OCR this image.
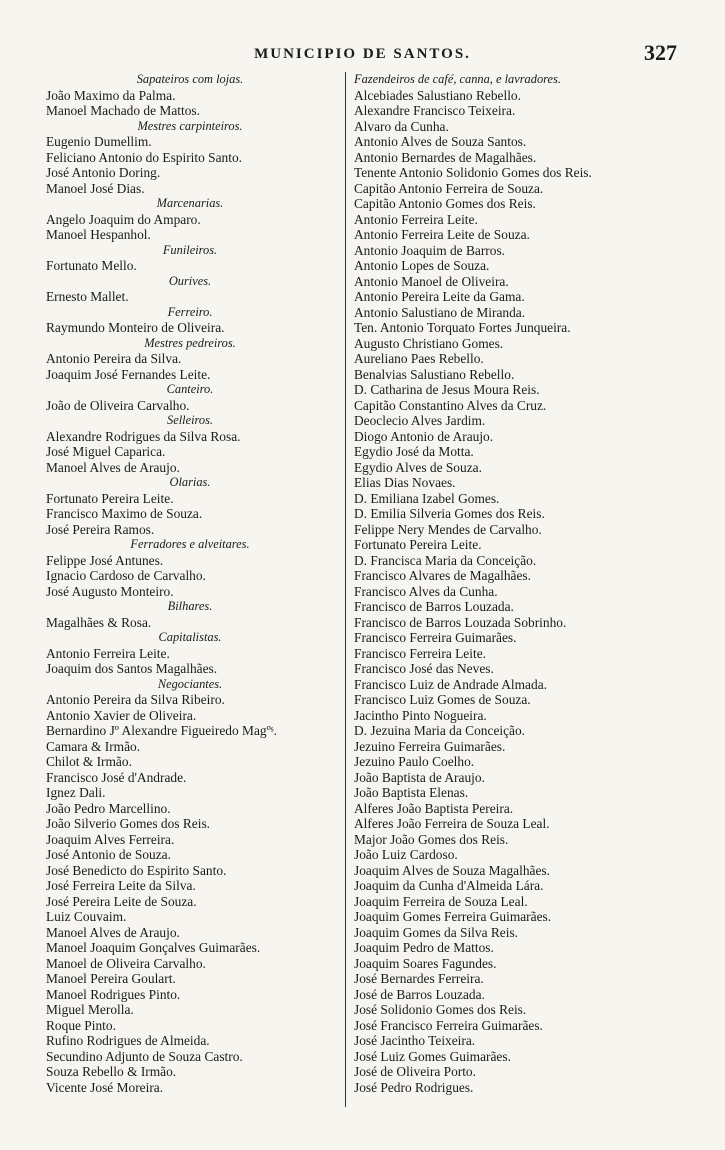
MUNICIPIO DE SANTOS.	327
Sapateiros com lojas.
João Maximo da Palma.
Manoel Machado de Mattos.
Mestres carpinteiros.
Eugenio Dumellim.
Feliciano Antonio do Espirito Santo.
José Antonio Doring.
Manoel José Dias.
Marcenarias.
Angelo Joaquim do Amparo.
Manoel Hespanhol.
Funileiros.
Fortunato Mello.
Ourives.
Ernesto Mallet.
Ferreiro.
Raymundo Monteiro de Oliveira.
Mestres pedreiros.
Antonio Pereira da Silva.
Joaquim José Fernandes Leite.
Canteiro.
João de Oliveira Carvalho.
Selleiros.
Alexandre Rodrigues da Silva Rosa.
José Miguel Caparica.
Manoel Alves de Araujo.
Olarias.
Fortunato Pereira Leite.
Francisco Maximo de Souza.
José Pereira Ramos.
Ferradores e alveitares.
Felippe José Antunes.
Ignacio Cardoso de Carvalho.
José Augusto Monteiro.
Bilhares.
Magalhães & Rosa.
Capitalistas.
Antonio Ferreira Leite.
Joaquim dos Santos Magalhães.
Negociantes.
Antonio Pereira da Silva Ribeiro.
Antonio Xavier de Oliveira.
Bernardino Jº Alexandre Figueiredo Magºˢ.
Camara & Irmão.
Chilot & Irmão.
Francisco José d'Andrade.
Ignez Dali.
João Pedro Marcellino.
João Silverio Gomes dos Reis.
Joaquim Alves Ferreira.
José Antonio de Souza.
José Benedicto do Espirito Santo.
José Ferreira Leite da Silva.
José Pereira Leite de Souza.
Luiz Couvaim.
Manoel Alves de Araujo.
Manoel Joaquim Gonçalves Guimarães.
Manoel de Oliveira Carvalho.
Manoel Pereira Goulart.
Manoel Rodrigues Pinto.
Miguel Merolla.
Roque Pinto.
Rufino Rodrigues de Almeida.
Secundino Adjunto de Souza Castro.
Souza Rebello & Irmão.
Vicente José Moreira.
Fazendeiros de café, canna, e lavradores.
Alcebiades Salustiano Rebello.
Alexandre Francisco Teixeira.
Alvaro da Cunha.
Antonio Alves de Souza Santos.
Antonio Bernardes de Magalhães.
Tenente Antonio Solidonio Gomes dos Reis.
Capitão Antonio Ferreira de Souza.
Capitão Antonio Gomes dos Reis.
Antonio Ferreira Leite.
Antonio Ferreira Leite de Souza.
Antonio Joaquim de Barros.
Antonio Lopes de Souza.
Antonio Manoel de Oliveira.
Antonio Pereira Leite da Gama.
Antonio Salustiano de Miranda.
Ten. Antonio Torquato Fortes Junqueira.
Augusto Christiano Gomes.
Aureliano Paes Rebello.
Benalvias Salustiano Rebello.
D. Catharina de Jesus Moura Reis.
Capitão Constantino Alves da Cruz.
Deoclecio Alves Jardim.
Diogo Antonio de Araujo.
Egydio José da Motta.
Egydio Alves de Souza.
Elias Dias Novaes.
D. Emiliana Izabel Gomes.
D. Emilia Silveria Gomes dos Reis.
Felippe Nery Mendes de Carvalho.
Fortunato Pereira Leite.
D. Francisca Maria da Conceição.
Francisco Alvares de Magalhães.
Francisco Alves da Cunha.
Francisco de Barros Louzada.
Francisco de Barros Louzada Sobrinho.
Francisco Ferreira Guimarães.
Francisco Ferreira Leite.
Francisco José das Neves.
Francisco Luiz de Andrade Almada.
Francisco Luiz Gomes de Souza.
Jacintho Pinto Nogueira.
D. Jezuina Maria da Conceição.
Jezuino Ferreira Guimarães.
Jezuino Paulo Coelho.
João Baptista de Araujo.
João Baptista Elenas.
Alferes João Baptista Pereira.
Alferes João Ferreira de Souza Leal.
Major João Gomes dos Reis.
João Luiz Cardoso.
Joaquim Alves de Souza Magalhães.
Joaquim da Cunha d'Almeida Lára.
Joaquim Ferreira de Souza Leal.
Joaquim Gomes Ferreira Guimarães.
Joaquim Gomes da Silva Reis.
Joaquim Pedro de Mattos.
Joaquim Soares Fagundes.
José Bernardes Ferreira.
José de Barros Louzada.
José Solidonio Gomes dos Reis.
José Francisco Ferreira Guimarães.
José Jacintho Teixeira.
José Luiz Gomes Guimarães.
José de Oliveira Porto.
José Pedro Rodrigues.
